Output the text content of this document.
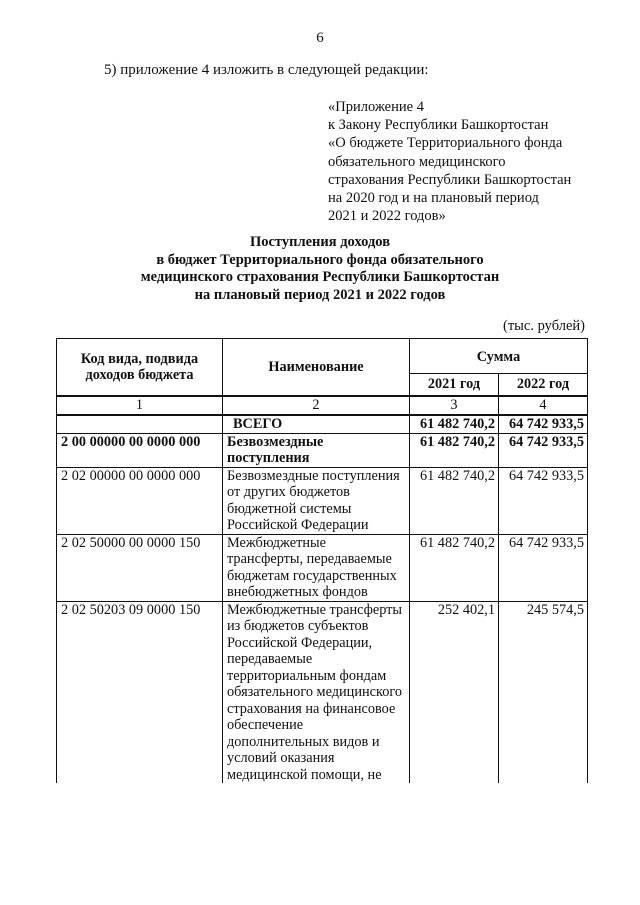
6
5) приложение 4 изложить в следующей редакции:
«Приложение 4
к Закону Республики Башкортостан
«О бюджете Территориального фонда
обязательного медицинского
страхования Республики Башкортостан
на 2020 год и на плановый период
2021 и 2022 годов»
Поступления доходов
в бюджет Территориального фонда обязательного
медицинского страхования Республики Башкортостан
на плановый период 2021 и 2022 годов
(тыс. рублей)
Код вида, подвида доходов бюджета	Наименование	Сумма	
		2021 год	2022 год
1	2	3	4
	ВСЕГО	61 482 740,2	64 742 933,5
2 00 00000 00 0000 000	Безвозмездные поступления	61 482 740,2	64 742 933,5
2 02 00000 00 0000 000	Безвозмездные поступления от других бюджетов бюджетной системы Российской Федерации	61 482 740,2	64 742 933,5
2 02 50000 00 0000 150	Межбюджетные трансферты, передаваемые бюджетам государственных внебюджетных фондов	61 482 740,2	64 742 933,5
2 02 50203 09 0000 150	Межбюджетные трансферты из бюджетов субъектов Российской Федерации, передаваемые территориальным фондам обязательного медицинского страхования на финансовое обеспечение дополнительных видов и условий оказания медицинской помощи, не	252 402,1	245 574,5
